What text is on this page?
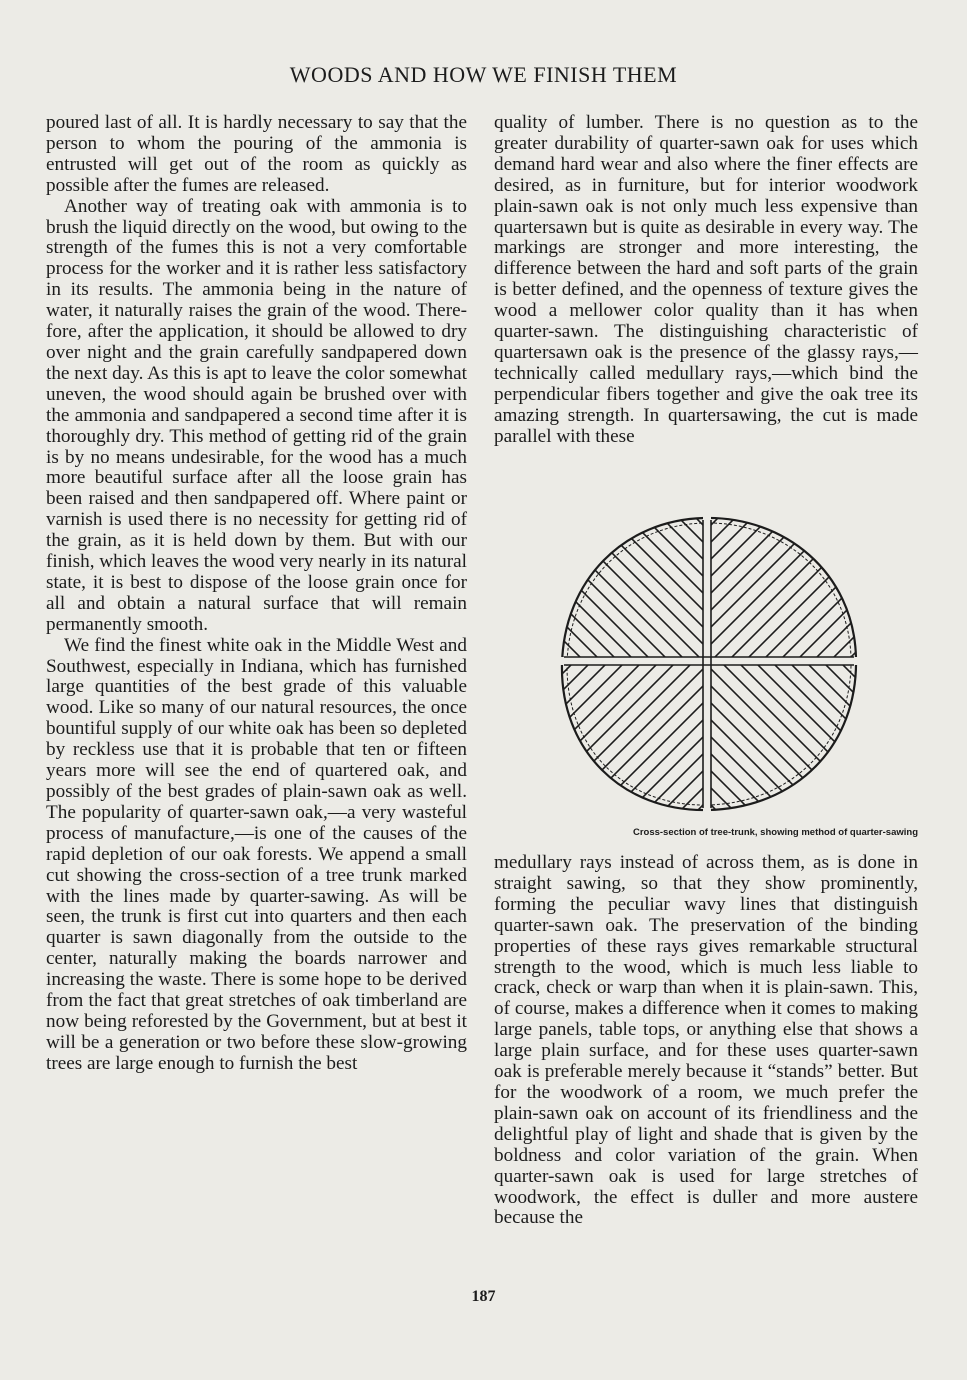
WOODS AND HOW WE FINISH THEM

poured last of all. It is hardly necessary to say that the person to whom the pouring of the ammonia is entrusted will get out of the room as quickly as possible after the fumes are released.

Another way of treating oak with ammonia is to brush the liquid directly on the wood, but owing to the strength of the fumes this is not a very comfortable process for the worker and it is rather less satisfactory in its results. The ammonia being in the nature of water, it naturally raises the grain of the wood. Therefore, after the application, it should be allowed to dry over night and the grain carefully sandpapered down the next day. As this is apt to leave the color somewhat uneven, the wood should again be brushed over with the ammonia and sandpapered a second time after it is thoroughly dry. This method of getting rid of the grain is by no means undesirable, for the wood has a much more beautiful surface after all the loose grain has been raised and then sandpapered off. Where paint or varnish is used there is no necessity for getting rid of the grain, as it is held down by them. But with our finish, which leaves the wood very nearly in its natural state, it is best to dispose of the loose grain once for all and obtain a natural surface that will remain permanently smooth.

We find the finest white oak in the Middle West and Southwest, especially in Indiana, which has furnished large quantities of the best grade of this valuable wood. Like so many of our natural resources, the once bountiful supply of our white oak has been so depleted by reckless use that it is probable that ten or fifteen years more will see the end of quartered oak, and possibly of the best grades of plain-sawn oak as well. The popularity of quarter-sawn oak,—a very wasteful process of manufacture,—is one of the causes of the rapid depletion of our oak forests. We append a small cut showing the cross-section of a tree trunk marked with the lines made by quarter-sawing. As will be seen, the trunk is first cut into quarters and then each quarter is sawn diagonally from the outside to the center, naturally making the boards narrower and increasing the waste. There is some hope to be derived from the fact that great stretches of oak timberland are now being reforested by the Government, but at best it will be a generation or two before these slow-growing trees are large enough to furnish the best

quality of lumber. There is no question as to the greater durability of quarter-sawn oak for uses which demand hard wear and also where the finer effects are desired, as in furniture, but for interior woodwork plain-sawn oak is not only much less expensive than quartersawn but is quite as desirable in every way. The markings are stronger and more interesting, the difference between the hard and soft parts of the grain is better defined, and the openness of texture gives the wood a mellower color quality than it has when quarter-sawn. The distinguishing characteristic of quartersawn oak is the presence of the glassy rays,— technically called medullary rays,—which bind the perpendicular fibers together and give the oak tree its amazing strength. In quartersawing, the cut is made parallel with these

Cross-section of tree-trunk, showing method of quarter-sawing

medullary rays instead of across them, as is done in straight sawing, so that they show prominently, forming the peculiar wavy lines that distinguish quarter-sawn oak. The preservation of the binding properties of these rays gives remarkable structural strength to the wood, which is much less liable to crack, check or warp than when it is plain-sawn. This, of course, makes a difference when it comes to making large panels, table tops, or anything else that shows a large plain surface, and for these uses quarter-sawn oak is preferable merely because it “stands” better. But for the woodwork of a room, we much prefer the plain-sawn oak on account of its friendliness and the delightful play of light and shade that is given by the boldness and color variation of the grain. When quarter-sawn oak is used for large stretches of woodwork, the effect is duller and more austere because the

187
